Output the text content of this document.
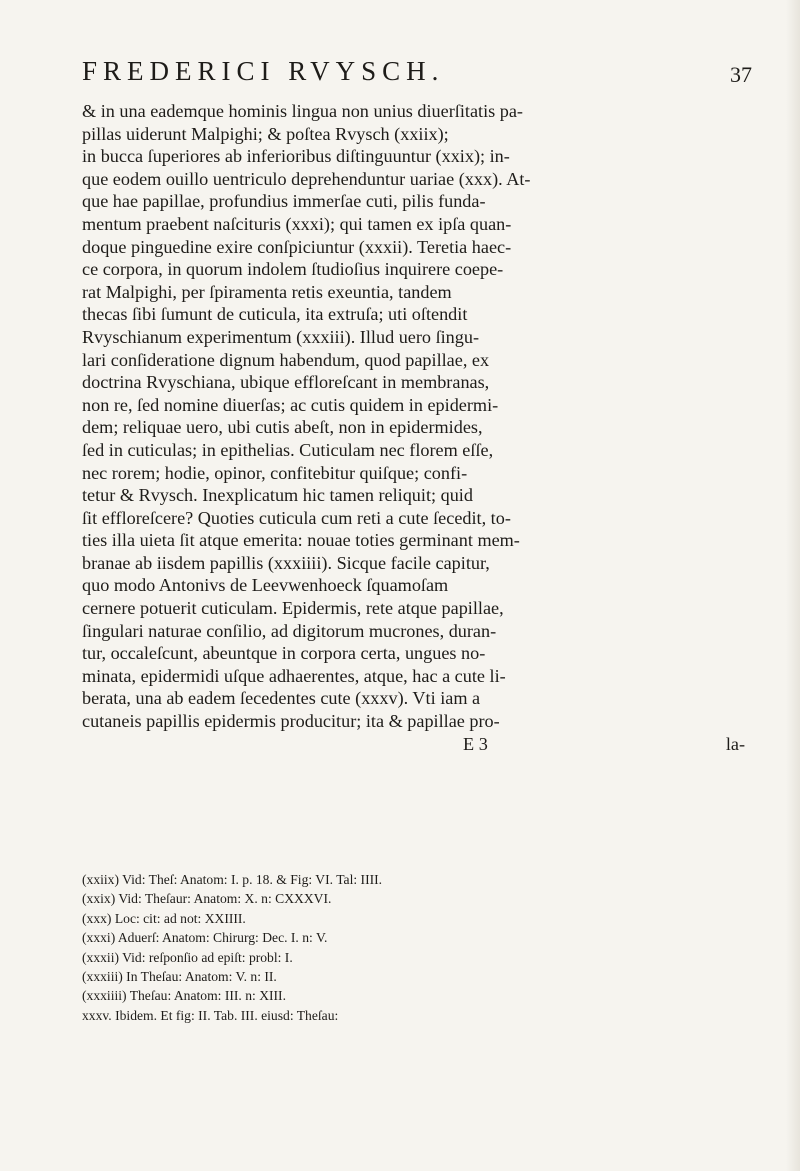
FREDERICI RVYSCH.	37
& in una eademque hominis lingua non unius diuerſitatis pa-
pillas uiderunt Malpighi; & poſtea Rvysch (xxiix);
in bucca ſuperiores ab inferioribus diſtinguuntur (xxix); in-
que eodem ouillo uentriculo deprehenduntur uariae (xxx). At-
que hae papillae, profundius immerſae cuti, pilis funda-
mentum praebent naſcituris (xxxi); qui tamen ex ipſa quan-
doque pinguedine exire conſpiciuntur (xxxii). Teretia haec-
ce corpora, in quorum indolem ſtudioſius inquirere coepe-
rat Malpighi, per ſpiramenta retis exeuntia, tandem
thecas ſibi ſumunt de cuticula, ita extruſa; uti oſtendit
Rvyschianum experimentum (xxxiii). Illud uero ſingu-
lari conſideratione dignum habendum, quod papillae, ex
doctrina Rvyschiana, ubique effloreſcant in membranas,
non re, ſed nomine diuerſas; ac cutis quidem in epidermi-
dem; reliquae uero, ubi cutis abeſt, non in epidermides,
ſed in cuticulas; in epithelias. Cuticulam nec florem eſſe,
nec rorem; hodie, opinor, confitebitur quiſque; confi-
tetur & Rvysch. Inexplicatum hic tamen reliquit; quid
ſit effloreſcere? Quoties cuticula cum reti a cute ſecedit, to-
ties illa uieta ſit atque emerita: nouae toties germinant mem-
branae ab iisdem papillis (xxxiiii). Sicque facile capitur,
quo modo Antonivs de Leevwenhoeck ſquamoſam
cernere potuerit cuticulam. Epidermis, rete atque papillae,
ſingulari naturae conſilio, ad digitorum mucrones, duran-
tur, occaleſcunt, abeuntque in corpora certa, ungues no-
minata, epidermidi uſque adhaerentes, atque, hac a cute li-
berata, una ab eadem ſecedentes cute (xxxv). Vti iam a
cutaneis papillis epidermis producitur; ita & papillae pro-
E 3	la-
(xxiix) Vid: Theſ: Anatom: I. p. 18. & Fig: VI. Tal: IIII.
(xxix) Vid: Theſaur: Anatom: X. n: CXXXVI.
(xxx) Loc: cit: ad not: XXIIII.
(xxxi) Aduerſ: Anatom: Chirurg: Dec. I. n: V.
(xxxii) Vid: reſponſio ad epiſt: probl: I.
(xxxiii) In Theſau: Anatom: V. n: II.
(xxxiiii) Theſau: Anatom: III. n: XIII.
xxxv. Ibidem. Et fig: II. Tab. III. eiusd: Theſau:
